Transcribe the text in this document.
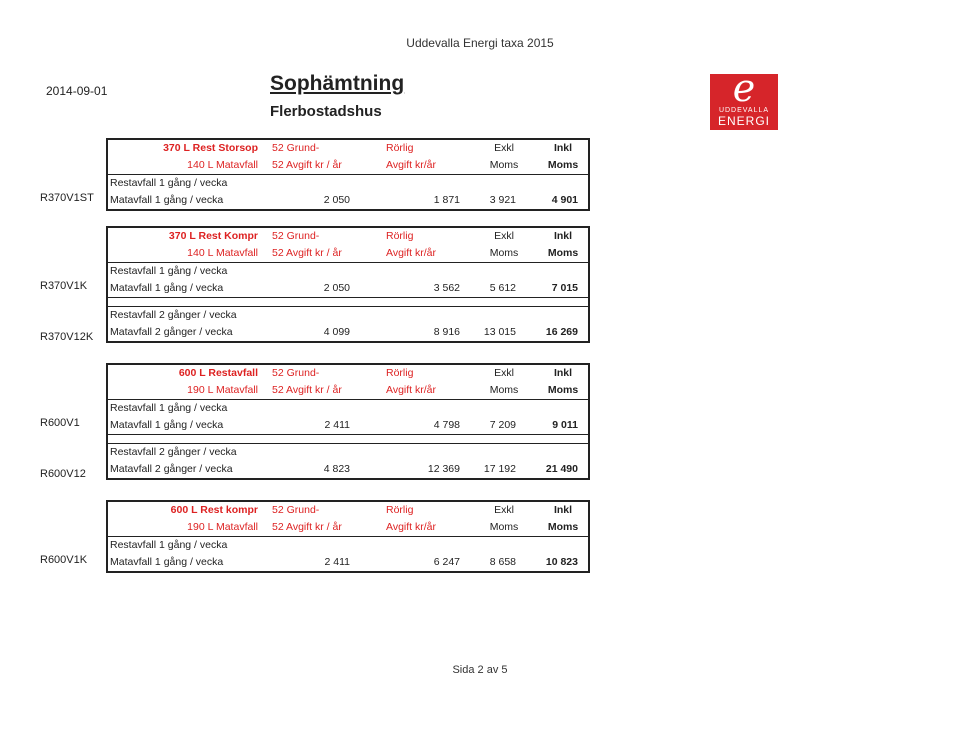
Uddevalla Energi taxa 2015
2014-09-01	Sophämtning
Flerbostadshus
e
UDDEVALLA
ENERGI
370 L Rest Storsop 52 Grund-	Rörlig	Exkl	Inkl
140 L Matavfall 52 Avgift kr / år	Avgift kr/år	Moms	Moms
Restavfall 1 gång / vecka
Matavfall 1 gång / vecka	2 050	1 871	3 921	4 901
R370V1ST
370 L Rest Kompr 52 Grund-	Rörlig	Exkl	Inkl
140 L Matavfall 52 Avgift kr / år	Avgift kr/år	Moms	Moms
Restavfall 1 gång / vecka
Matavfall 1 gång / vecka	2 050	3 562	5 612	7 015
Restavfall 2 gånger / vecka
Matavfall 2 gånger / vecka	4 099	8 916	13 015	16 269
R370V1K
R370V12K
600 L Restavfall 52 Grund-	Rörlig	Exkl	Inkl
190 L Matavfall 52 Avgift kr / år	Avgift kr/år	Moms	Moms
Restavfall 1 gång / vecka
Matavfall 1 gång / vecka	2 411	4 798	7 209	9 011
Restavfall 2 gånger / vecka
Matavfall 2 gånger / vecka	4 823	12 369	17 192	21 490
R600V1
R600V12
600 L Rest kompr 52 Grund-	Rörlig	Exkl	Inkl
190 L Matavfall 52 Avgift kr / år	Avgift kr/år	Moms	Moms
Restavfall 1 gång / vecka
Matavfall 1 gång / vecka	2 411	6 247	8 658	10 823
R600V1K
Sida 2 av 5
